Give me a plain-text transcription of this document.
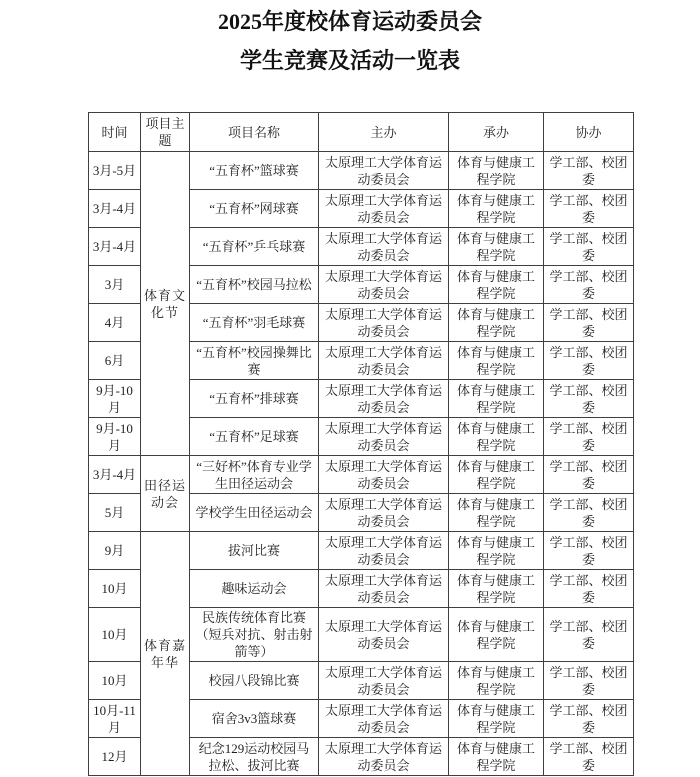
2025年度校体育运动委员会
学生竞赛及活动一览表
时间	项目主题	项目名称	主办	承办	协办
3月-5月	体育文化节	“五育杯”篮球赛	太原理工大学体育运动委员会	体育与健康工程学院	学工部、校团委
3月-4月		“五育杯”网球赛	太原理工大学体育运动委员会	体育与健康工程学院	学工部、校团委
3月-4月		“五育杯”乒乓球赛	太原理工大学体育运动委员会	体育与健康工程学院	学工部、校团委
3月		“五育杯”校园马拉松	太原理工大学体育运动委员会	体育与健康工程学院	学工部、校团委
4月		“五育杯”羽毛球赛	太原理工大学体育运动委员会	体育与健康工程学院	学工部、校团委
6月		“五育杯”校园操舞比赛	太原理工大学体育运动委员会	体育与健康工程学院	学工部、校团委
9月-10月		“五育杯”排球赛	太原理工大学体育运动委员会	体育与健康工程学院	学工部、校团委
9月-10月		“五育杯”足球赛	太原理工大学体育运动委员会	体育与健康工程学院	学工部、校团委
3月-4月	田径运动会	“三好杯”体育专业学生田径运动会	太原理工大学体育运动委员会	体育与健康工程学院	学工部、校团委
5月		学校学生田径运动会	太原理工大学体育运动委员会	体育与健康工程学院	学工部、校团委
9月	体育嘉年华	拔河比赛	太原理工大学体育运动委员会	体育与健康工程学院	学工部、校团委
10月		趣味运动会	太原理工大学体育运动委员会	体育与健康工程学院	学工部、校团委
10月		民族传统体育比赛（短兵对抗、射击射箭等）	太原理工大学体育运动委员会	体育与健康工程学院	学工部、校团委
10月		校园八段锦比赛	太原理工大学体育运动委员会	体育与健康工程学院	学工部、校团委
10月-11月		宿舍3v3篮球赛	太原理工大学体育运动委员会	体育与健康工程学院	学工部、校团委
12月		纪念129运动校园马拉松、拔河比赛	太原理工大学体育运动委员会	体育与健康工程学院	学工部、校团委
